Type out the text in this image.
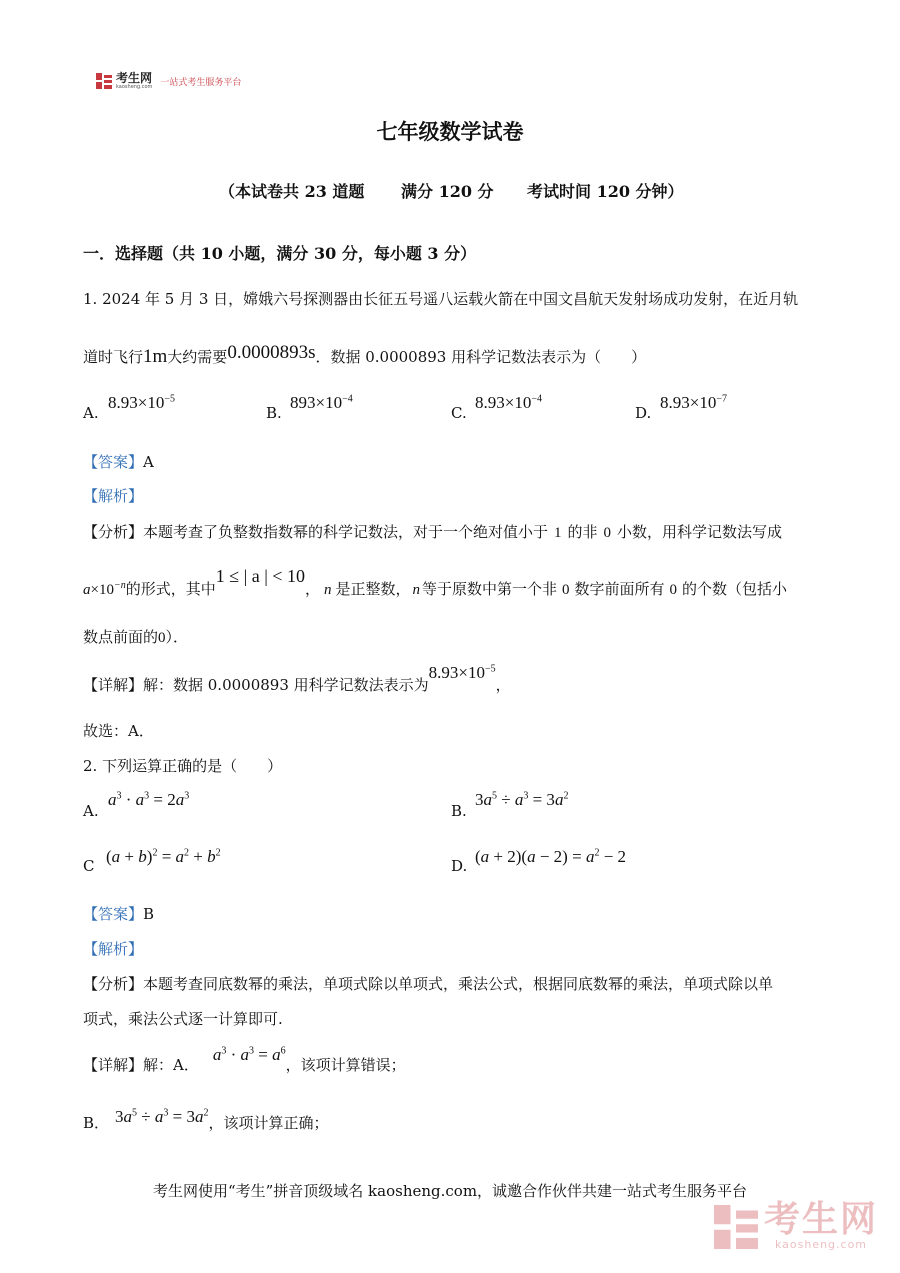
考生网
kaosheng.com 一站式考生服务平台
七年级数学试卷
（本试卷共 23 道题 满分 120 分 考试时间 120 分钟）
一．选择题（共 10 小题，满分 30 分，每小题 3 分）
1. 2024 年 5 月 3 日，嫦娥六号探测器由长征五号遥八运载火箭在中国文昌航天发射场成功发射，在近月轨
道时飞行1m大约需要0.0000893s．数据 0.0000893 用科学记数法表示为（　　）
A.
$8.93\times 10^{-5}$
B.
$893\times 10^{-4}$
C.
$8.93\times 10^{-4}$
D.
$8.93\times 10^{-7}$
【答案】A
【解析】
【分析】本题考查了负整数指数幂的科学记数法，对于一个绝对值小于 1 的非 0 小数，用科学记数法写成
$a\times 10^{-n}$的形式，其中1 ≤ | a | < 10， n 是正整数， n 等于原数中第一个非 0 数字前面所有 0 的个数（包括小
数点前面的0）．
【详解】解：数据 0.0000893 用科学记数法表示为$8.93\times 10^{-5}$，
故选：A．
2. 下列运算正确的是（　　）
A.
$a^3 \cdot a^3 = 2a^3$
B.
$3a^5 \div a^3 = 3a^2$
C $(a + b)^2 = a^2 + b^2$
D. $(a + 2)(a - 2) = a^2 - 2$
【答案】B
【解析】
【分析】本题考查同底数幂的乘法，单项式除以单项式，乘法公式，根据同底数幂的乘法，单项式除以单
项式，乘法公式逐一计算即可.
【详解】解：A．$a^3 \cdot a^3 = a^6$，该项计算错误；
B． $3a^5 \div a^3 = 3a^2$，该项计算正确；
考生网使用“考生”拼音顶级域名 kaosheng.com，诚邀合作伙伴共建一站式考生服务平台
考生网
kaosheng.com
